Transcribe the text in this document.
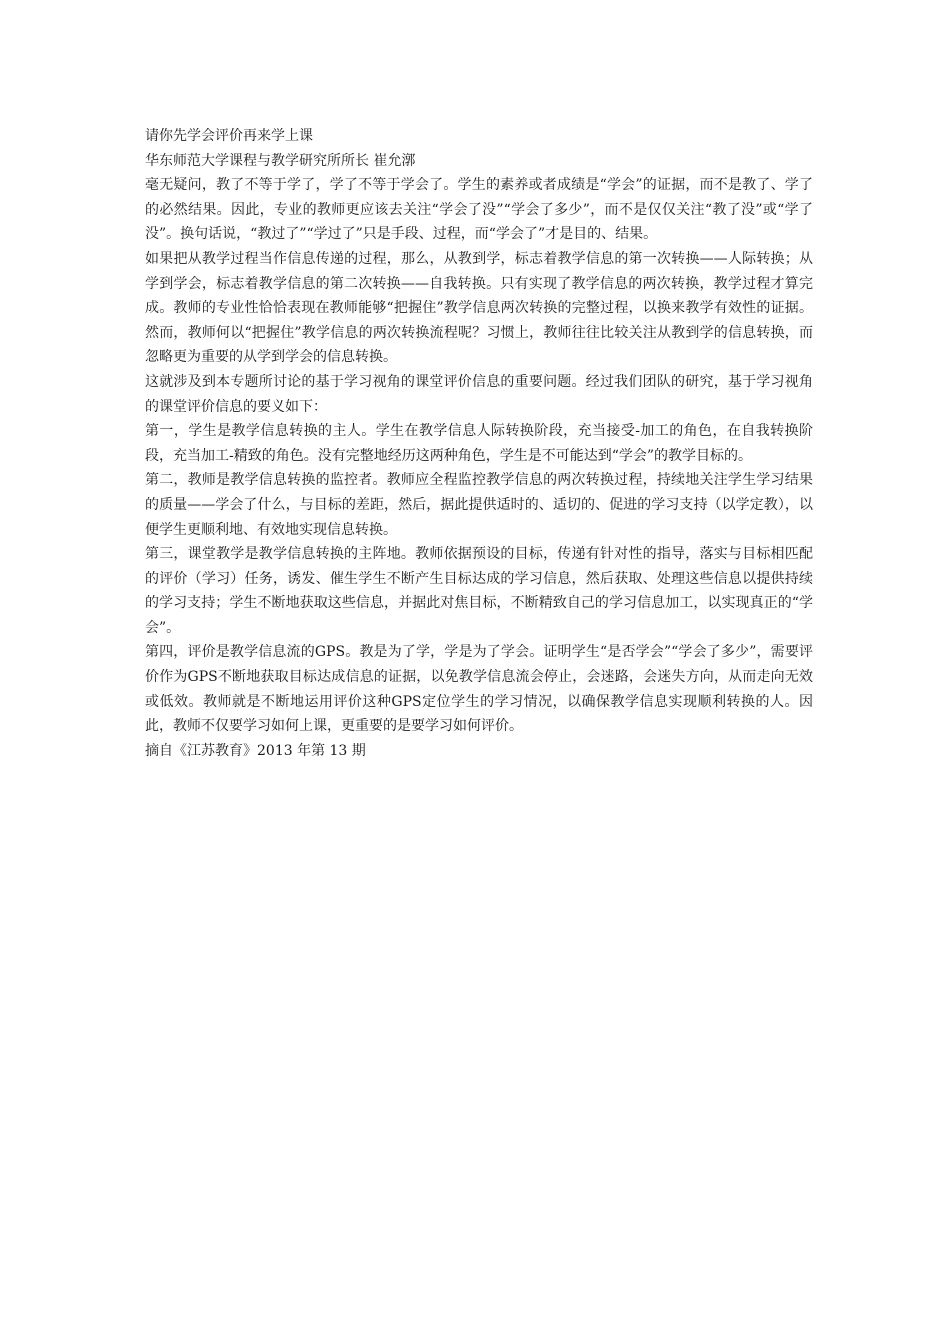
请你先学会评价再来学上课

华东师范大学课程与教学研究所所长 崔允漷

毫无疑问，教了不等于学了，学了不等于学会了。学生的素养或者成绩是“学会”的证据，而不是教了、学了的必然结果。因此，专业的教师更应该去关注“学会了没”“学会了多少”，而不是仅仅关注“教了没”或“学了没”。换句话说，“教过了”“学过了”只是手段、过程，而“学会了”才是目的、结果。

如果把从教学过程当作信息传递的过程，那么，从教到学，标志着教学信息的第一次转换——人际转换；从学到学会，标志着教学信息的第二次转换——自我转换。只有实现了教学信息的两次转换，教学过程才算完成。教师的专业性恰恰表现在教师能够“把握住”教学信息两次转换的完整过程，以换来教学有效性的证据。然而，教师何以“把握住”教学信息的两次转换流程呢？习惯上，教师往往比较关注从教到学的信息转换，而忽略更为重要的从学到学会的信息转换。

这就涉及到本专题所讨论的基于学习视角的课堂评价信息的重要问题。经过我们团队的研究，基于学习视角的课堂评价信息的要义如下：

第一，学生是教学信息转换的主人。学生在教学信息人际转换阶段，充当接受-加工的角色，在自我转换阶段，充当加工-精致的角色。没有完整地经历这两种角色，学生是不可能达到“学会”的教学目标的。

第二，教师是教学信息转换的监控者。教师应全程监控教学信息的两次转换过程，持续地关注学生学习结果的质量——学会了什么，与目标的差距，然后，据此提供适时的、适切的、促进的学习支持（以学定教），以便学生更顺利地、有效地实现信息转换。

第三，课堂教学是教学信息转换的主阵地。教师依据预设的目标，传递有针对性的指导，落实与目标相匹配的评价（学习）任务，诱发、催生学生不断产生目标达成的学习信息，然后获取、处理这些信息以提供持续的学习支持；学生不断地获取这些信息，并据此对焦目标，不断精致自己的学习信息加工，以实现真正的“学会”。

第四，评价是教学信息流的GPS。教是为了学，学是为了学会。证明学生“是否学会”“学会了多少”，需要评价作为GPS不断地获取目标达成信息的证据，以免教学信息流会停止，会迷路，会迷失方向，从而走向无效或低效。教师就是不断地运用评价这种GPS定位学生的学习情况，以确保教学信息实现顺利转换的人。因此，教师不仅要学习如何上课，更重要的是要学习如何评价。

摘自《江苏教育》2013 年第 13 期
